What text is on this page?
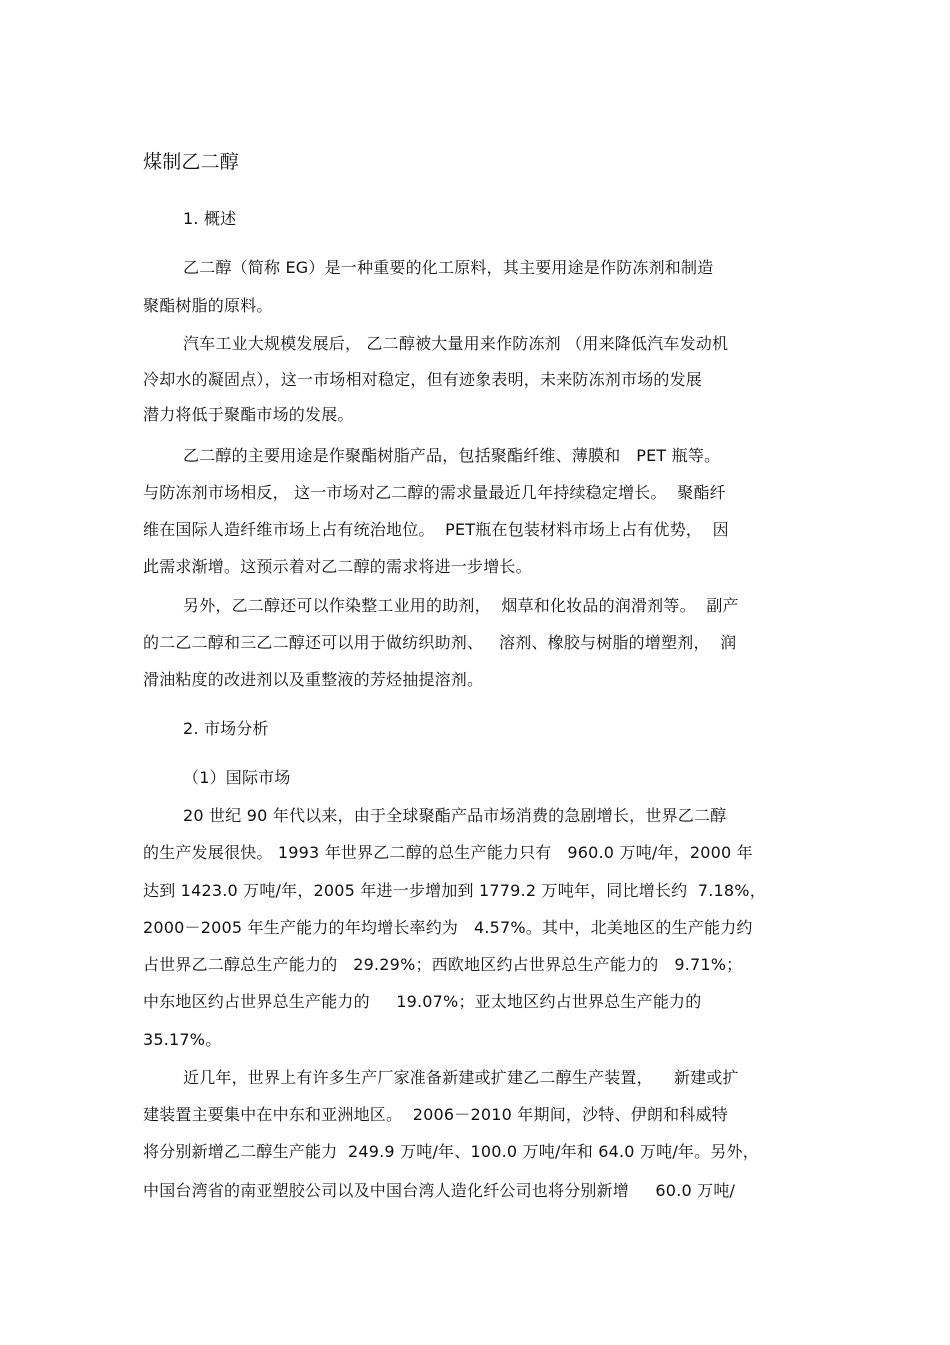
煤制乙二醇
1. 概述
乙二醇（简称 EG）是一种重要的化工原料，其主要用途是作防冻剂和制造
聚酯树脂的原料。
汽车工业大规模发展后， 乙二醇被大量用来作防冻剂 （用来降低汽车发动机
冷却水的凝固点），这一市场相对稳定，但有迹象表明，未来防冻剂市场的发展
潜力将低于聚酯市场的发展。
乙二醇的主要用途是作聚酯树脂产品，包括聚酯纤维、薄膜和   PET 瓶等。
与防冻剂市场相反， 这一市场对乙二醇的需求量最近几年持续稳定增长。  聚酯纤
维在国际人造纤维市场上占有统治地位。  PET瓶在包装材料市场上占有优势，  因
此需求渐增。这预示着对乙二醇的需求将进一步增长。
另外，乙二醇还可以作染整工业用的助剂，  烟草和化妆品的润滑剂等。  副产
的二乙二醇和三乙二醇还可以用于做纺织助剂、   溶剂、橡胶与树脂的增塑剂，  润
滑油粘度的改进剂以及重整液的芳烃抽提溶剂。
2. 市场分析
（1）国际市场
20 世纪 90 年代以来，由于全球聚酯产品市场消费的急剧增长，世界乙二醇
的生产发展很快。 1993 年世界乙二醇的总生产能力只有   960.0 万吨/年，2000 年
达到 1423.0 万吨/年，2005 年进一步增加到 1779.2 万吨年，同比增长约  7.18%，
2000－2005 年生产能力的年均增长率约为   4.57%。其中，北美地区的生产能力约
占世界乙二醇总生产能力的   29.29%；西欧地区约占世界总生产能力的   9.71%；
中东地区约占世界总生产能力的     19.07%；亚太地区约占世界总生产能力的
35.17%。
近几年，世界上有许多生产厂家准备新建或扩建乙二醇生产装置，    新建或扩
建装置主要集中在中东和亚洲地区。  2006－2010 年期间，沙特、伊朗和科威特
将分别新增乙二醇生产能力  249.9 万吨/年、100.0 万吨/年和 64.0 万吨/年。另外，
中国台湾省的南亚塑胶公司以及中国台湾人造化纤公司也将分别新增     60.0 万吨/
